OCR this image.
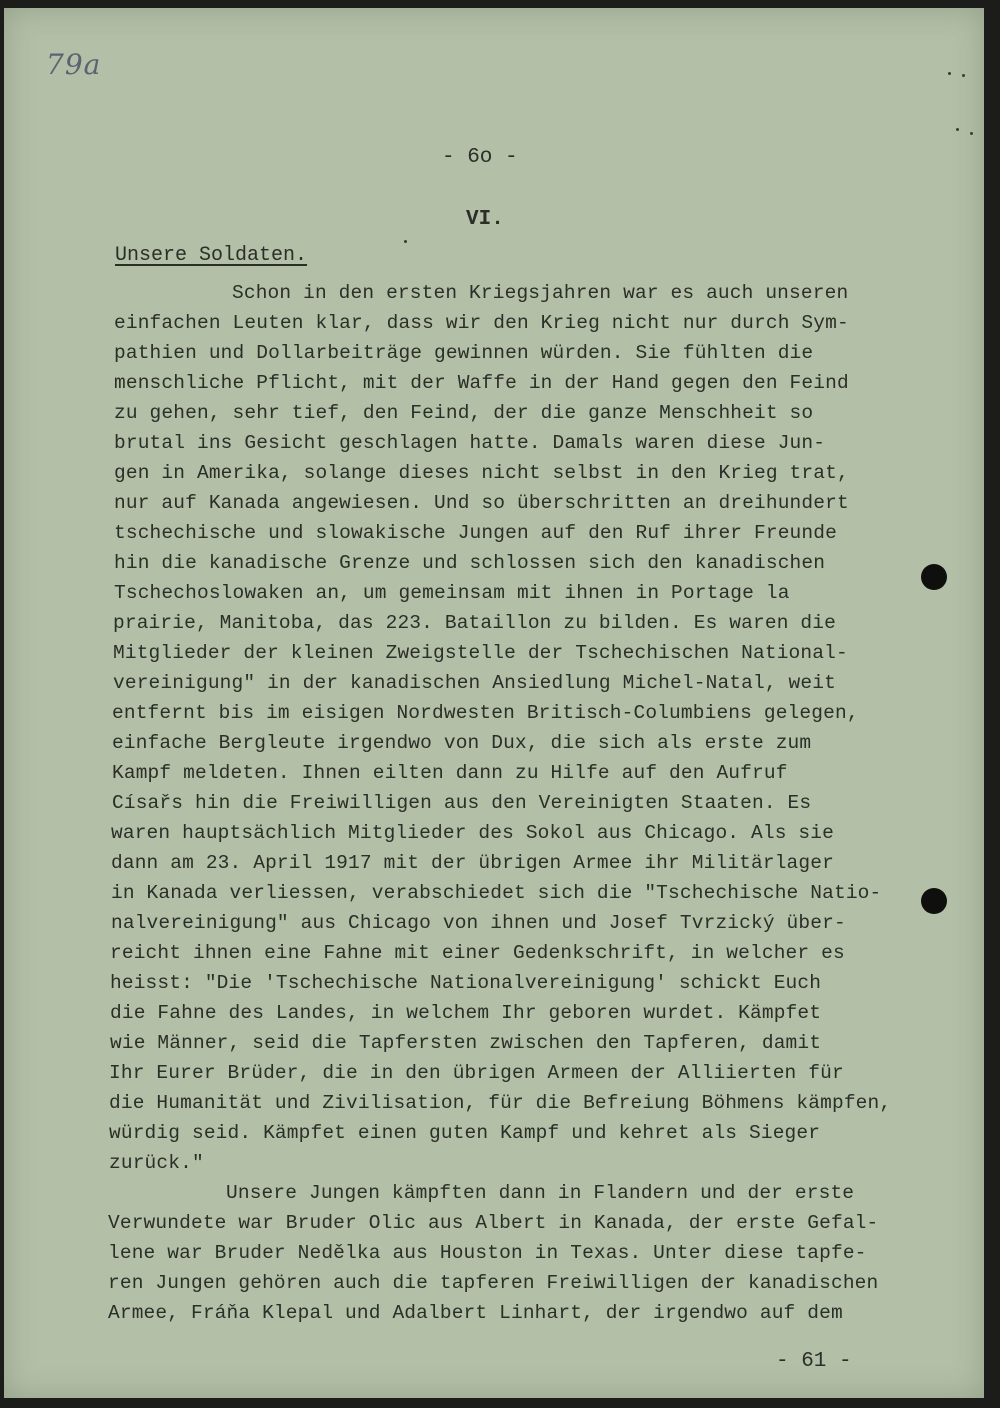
79a
- 6o -
VI.
Unsere Soldaten.
Schon in den ersten Kriegsjahren war es auch unseren
einfachen Leuten klar, dass wir den Krieg nicht nur durch Sym-
pathien und Dollarbeiträge gewinnen würden. Sie fühlten die
menschliche Pflicht, mit der Waffe in der Hand gegen den Feind
zu gehen, sehr tief, den Feind, der die ganze Menschheit so
brutal ins Gesicht geschlagen hatte. Damals waren diese Jun-
gen in Amerika, solange dieses nicht selbst in den Krieg trat,
nur auf Kanada angewiesen. Und so überschritten an dreihundert
tschechische und slowakische Jungen auf den Ruf ihrer Freunde
hin die kanadische Grenze und schlossen sich den kanadischen
Tschechoslowaken an, um gemeinsam mit ihnen in Portage la
prairie, Manitoba, das 223. Bataillon zu bilden. Es waren die
Mitglieder der kleinen Zweigstelle der Tschechischen National-
vereinigung" in der kanadischen Ansiedlung Michel-Natal, weit
entfernt bis im eisigen Nordwesten Britisch-Columbiens gelegen,
einfache Bergleute irgendwo von Dux, die sich als erste zum
Kampf meldeten. Ihnen eilten dann zu Hilfe auf den Aufruf
Císařs hin die Freiwilligen aus den Vereinigten Staaten. Es
waren hauptsächlich Mitglieder des Sokol aus Chicago. Als sie
dann am 23. April 1917 mit der übrigen Armee ihr Militärlager
in Kanada verliessen, verabschiedet sich die "Tschechische Natio-
nalvereinigung" aus Chicago von ihnen und Josef Tvrzický über-
reicht ihnen eine Fahne mit einer Gedenkschrift, in welcher es
heisst: "Die 'Tschechische Nationalvereinigung' schickt Euch
die Fahne des Landes, in welchem Ihr geboren wurdet. Kämpfet
wie Männer, seid die Tapfersten zwischen den Tapferen, damit
Ihr Eurer Brüder, die in den übrigen Armeen der Alliierten für
die Humanität und Zivilisation, für die Befreiung Böhmens kämpfen,
würdig seid. Kämpfet einen guten Kampf und kehret als Sieger
zurück."
Unsere Jungen kämpften dann in Flandern und der erste
Verwundete war Bruder Olic aus Albert in Kanada, der erste Gefal-
lene war Bruder Nedělka aus Houston in Texas. Unter diese tapfe-
ren Jungen gehören auch die tapferen Freiwilligen der kanadischen
Armee, Fráňa Klepal und Adalbert Linhart, der irgendwo auf dem
- 61 -
